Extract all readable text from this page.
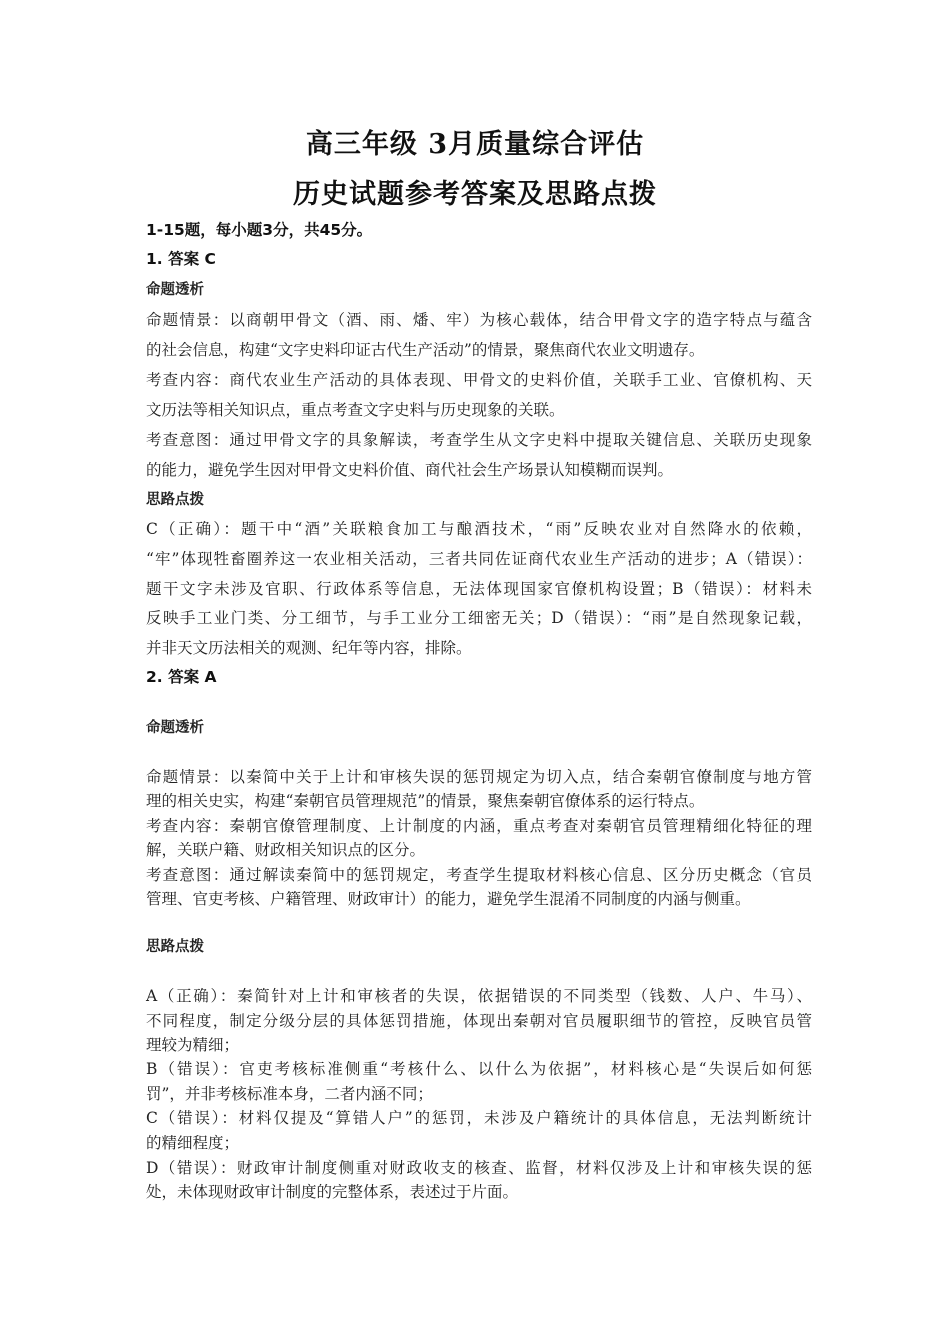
高三年级 3月质量综合评估
历史试题参考答案及思路点拨
1-15题，每小题3分，共45分。
1. 答案 C
命题透析
命题情景：以商朝甲骨文（酒、雨、燔、牢）为核心载体，结合甲骨文字的造字特点与蕴含
的社会信息，构建“文字史料印证古代生产活动”的情景，聚焦商代农业文明遗存。
考查内容：商代农业生产活动的具体表现、甲骨文的史料价值，关联手工业、官僚机构、天
文历法等相关知识点，重点考查文字史料与历史现象的关联。
考查意图：通过甲骨文字的具象解读，考查学生从文字史料中提取关键信息、关联历史现象
的能力，避免学生因对甲骨文史料价值、商代社会生产场景认知模糊而误判。
思路点拨
C（正确）：题干中“酒”关联粮食加工与酿酒技术，“雨”反映农业对自然降水的依赖，
“牢”体现牲畜圈养这一农业相关活动，三者共同佐证商代农业生产活动的进步；A（错误）：
题干文字未涉及官职、行政体系等信息，无法体现国家官僚机构设置；B（错误）：材料未
反映手工业门类、分工细节，与手工业分工细密无关；D（错误）：“雨”是自然现象记载，
并非天文历法相关的观测、纪年等内容，排除。
2. 答案 A
命题透析
命题情景：以秦简中关于上计和审核失误的惩罚规定为切入点，结合秦朝官僚制度与地方管
理的相关史实，构建“秦朝官员管理规范”的情景，聚焦秦朝官僚体系的运行特点。
考查内容：秦朝官僚管理制度、上计制度的内涵，重点考查对秦朝官员管理精细化特征的理
解，关联户籍、财政相关知识点的区分。
考查意图：通过解读秦简中的惩罚规定，考查学生提取材料核心信息、区分历史概念（官员
管理、官吏考核、户籍管理、财政审计）的能力，避免学生混淆不同制度的内涵与侧重。
思路点拨
A（正确）：秦简针对上计和审核者的失误，依据错误的不同类型（钱数、人户、牛马）、
不同程度，制定分级分层的具体惩罚措施，体现出秦朝对官员履职细节的管控，反映官员管
理较为精细；
B（错误）：官吏考核标准侧重“考核什么、以什么为依据”，材料核心是“失误后如何惩
罚”，并非考核标准本身，二者内涵不同；
C（错误）：材料仅提及“算错人户”的惩罚，未涉及户籍统计的具体信息，无法判断统计
的精细程度；
D（错误）：财政审计制度侧重对财政收支的核查、监督，材料仅涉及上计和审核失误的惩
处，未体现财政审计制度的完整体系，表述过于片面。
